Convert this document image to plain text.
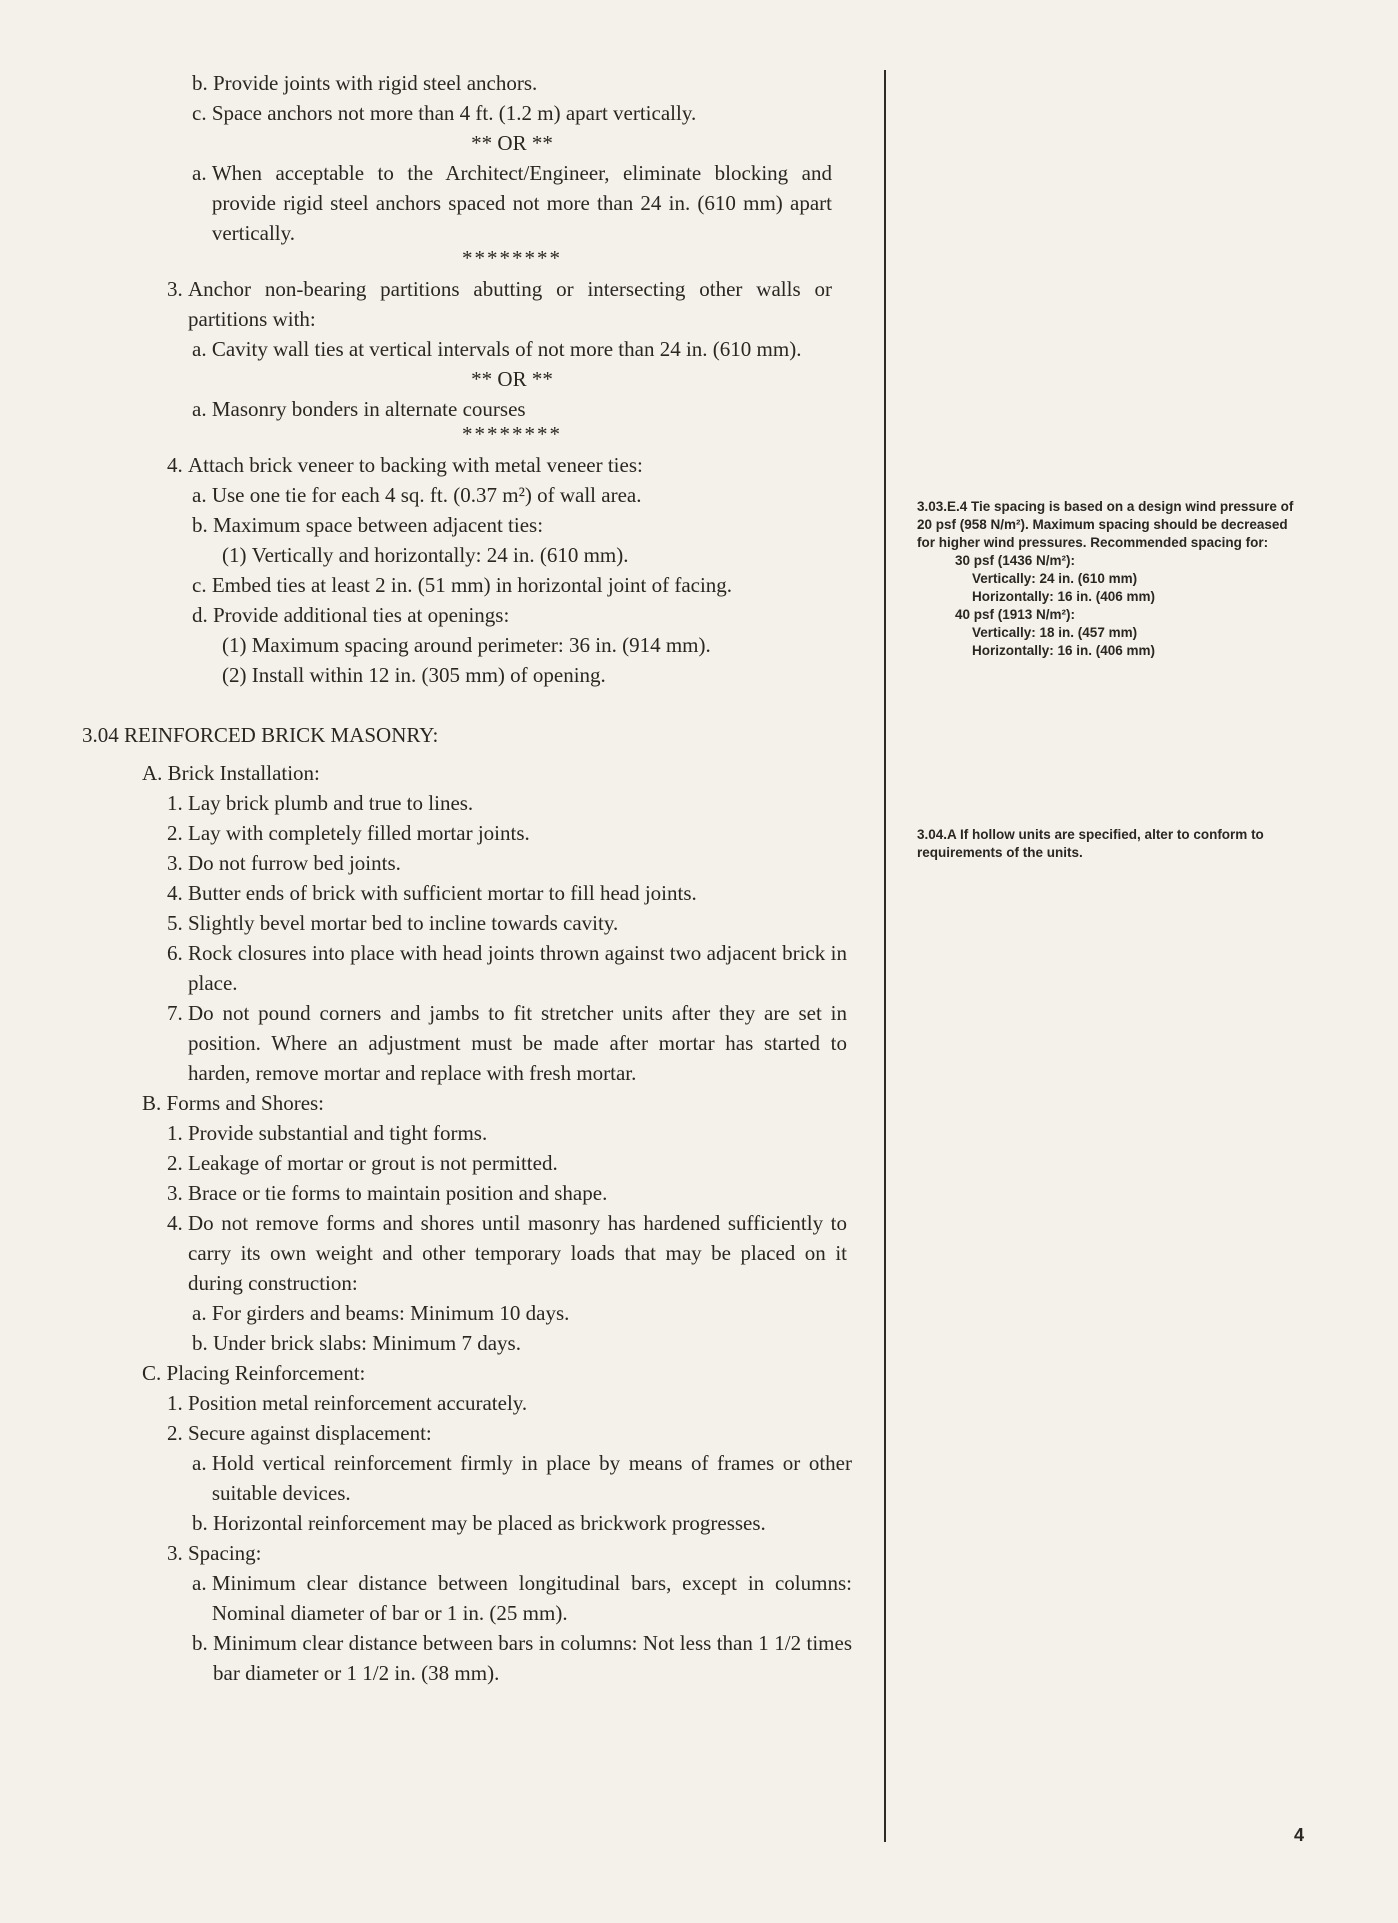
b. Provide joints with rigid steel anchors.
c. Space anchors not more than 4 ft. (1.2 m) apart vertically.
** OR **
a. When acceptable to the Architect/Engineer, eliminate blocking and provide rigid steel anchors spaced not more than 24 in. (610 mm) apart vertically.
********
3. Anchor non-bearing partitions abutting or intersecting other walls or partitions with:
a. Cavity wall ties at vertical intervals of not more than 24 in. (610 mm).
** OR **
a. Masonry bonders in alternate courses
********
4. Attach brick veneer to backing with metal veneer ties:
a. Use one tie for each 4 sq. ft. (0.37 m²) of wall area.
b. Maximum space between adjacent ties:
(1) Vertically and horizontally: 24 in. (610 mm).
c. Embed ties at least 2 in. (51 mm) in horizontal joint of facing.
d. Provide additional ties at openings:
(1) Maximum spacing around perimeter: 36 in. (914 mm).
(2) Install within 12 in. (305 mm) of opening.
3.04 REINFORCED BRICK MASONRY:
A. Brick Installation:
1. Lay brick plumb and true to lines.
2. Lay with completely filled mortar joints.
3. Do not furrow bed joints.
4. Butter ends of brick with sufficient mortar to fill head joints.
5. Slightly bevel mortar bed to incline towards cavity.
6. Rock closures into place with head joints thrown against two adjacent brick in place.
7. Do not pound corners and jambs to fit stretcher units after they are set in position. Where an adjustment must be made after mortar has started to harden, remove mortar and replace with fresh mortar.
B. Forms and Shores:
1. Provide substantial and tight forms.
2. Leakage of mortar or grout is not permitted.
3. Brace or tie forms to maintain position and shape.
4. Do not remove forms and shores until masonry has hardened sufficiently to carry its own weight and other temporary loads that may be placed on it during construction:
a. For girders and beams: Minimum 10 days.
b. Under brick slabs: Minimum 7 days.
C. Placing Reinforcement:
1. Position metal reinforcement accurately.
2. Secure against displacement:
a. Hold vertical reinforcement firmly in place by means of frames or other suitable devices.
b. Horizontal reinforcement may be placed as brickwork progresses.
3. Spacing:
a. Minimum clear distance between longitudinal bars, except in columns: Nominal diameter of bar or 1 in. (25 mm).
b. Minimum clear distance between bars in columns: Not less than 1 1/2 times bar diameter or 1 1/2 in. (38 mm).
3.03.E.4 Tie spacing is based on a design wind pressure of 20 psf (958 N/m²). Maximum spacing should be decreased for higher wind pressures. Recommended spacing for:
30 psf (1436 N/m²):
Vertically: 24 in. (610 mm)
Horizontally: 16 in. (406 mm)
40 psf (1913 N/m²):
Vertically: 18 in. (457 mm)
Horizontally: 16 in. (406 mm)
3.04.A If hollow units are specified, alter to conform to requirements of the units.
4
